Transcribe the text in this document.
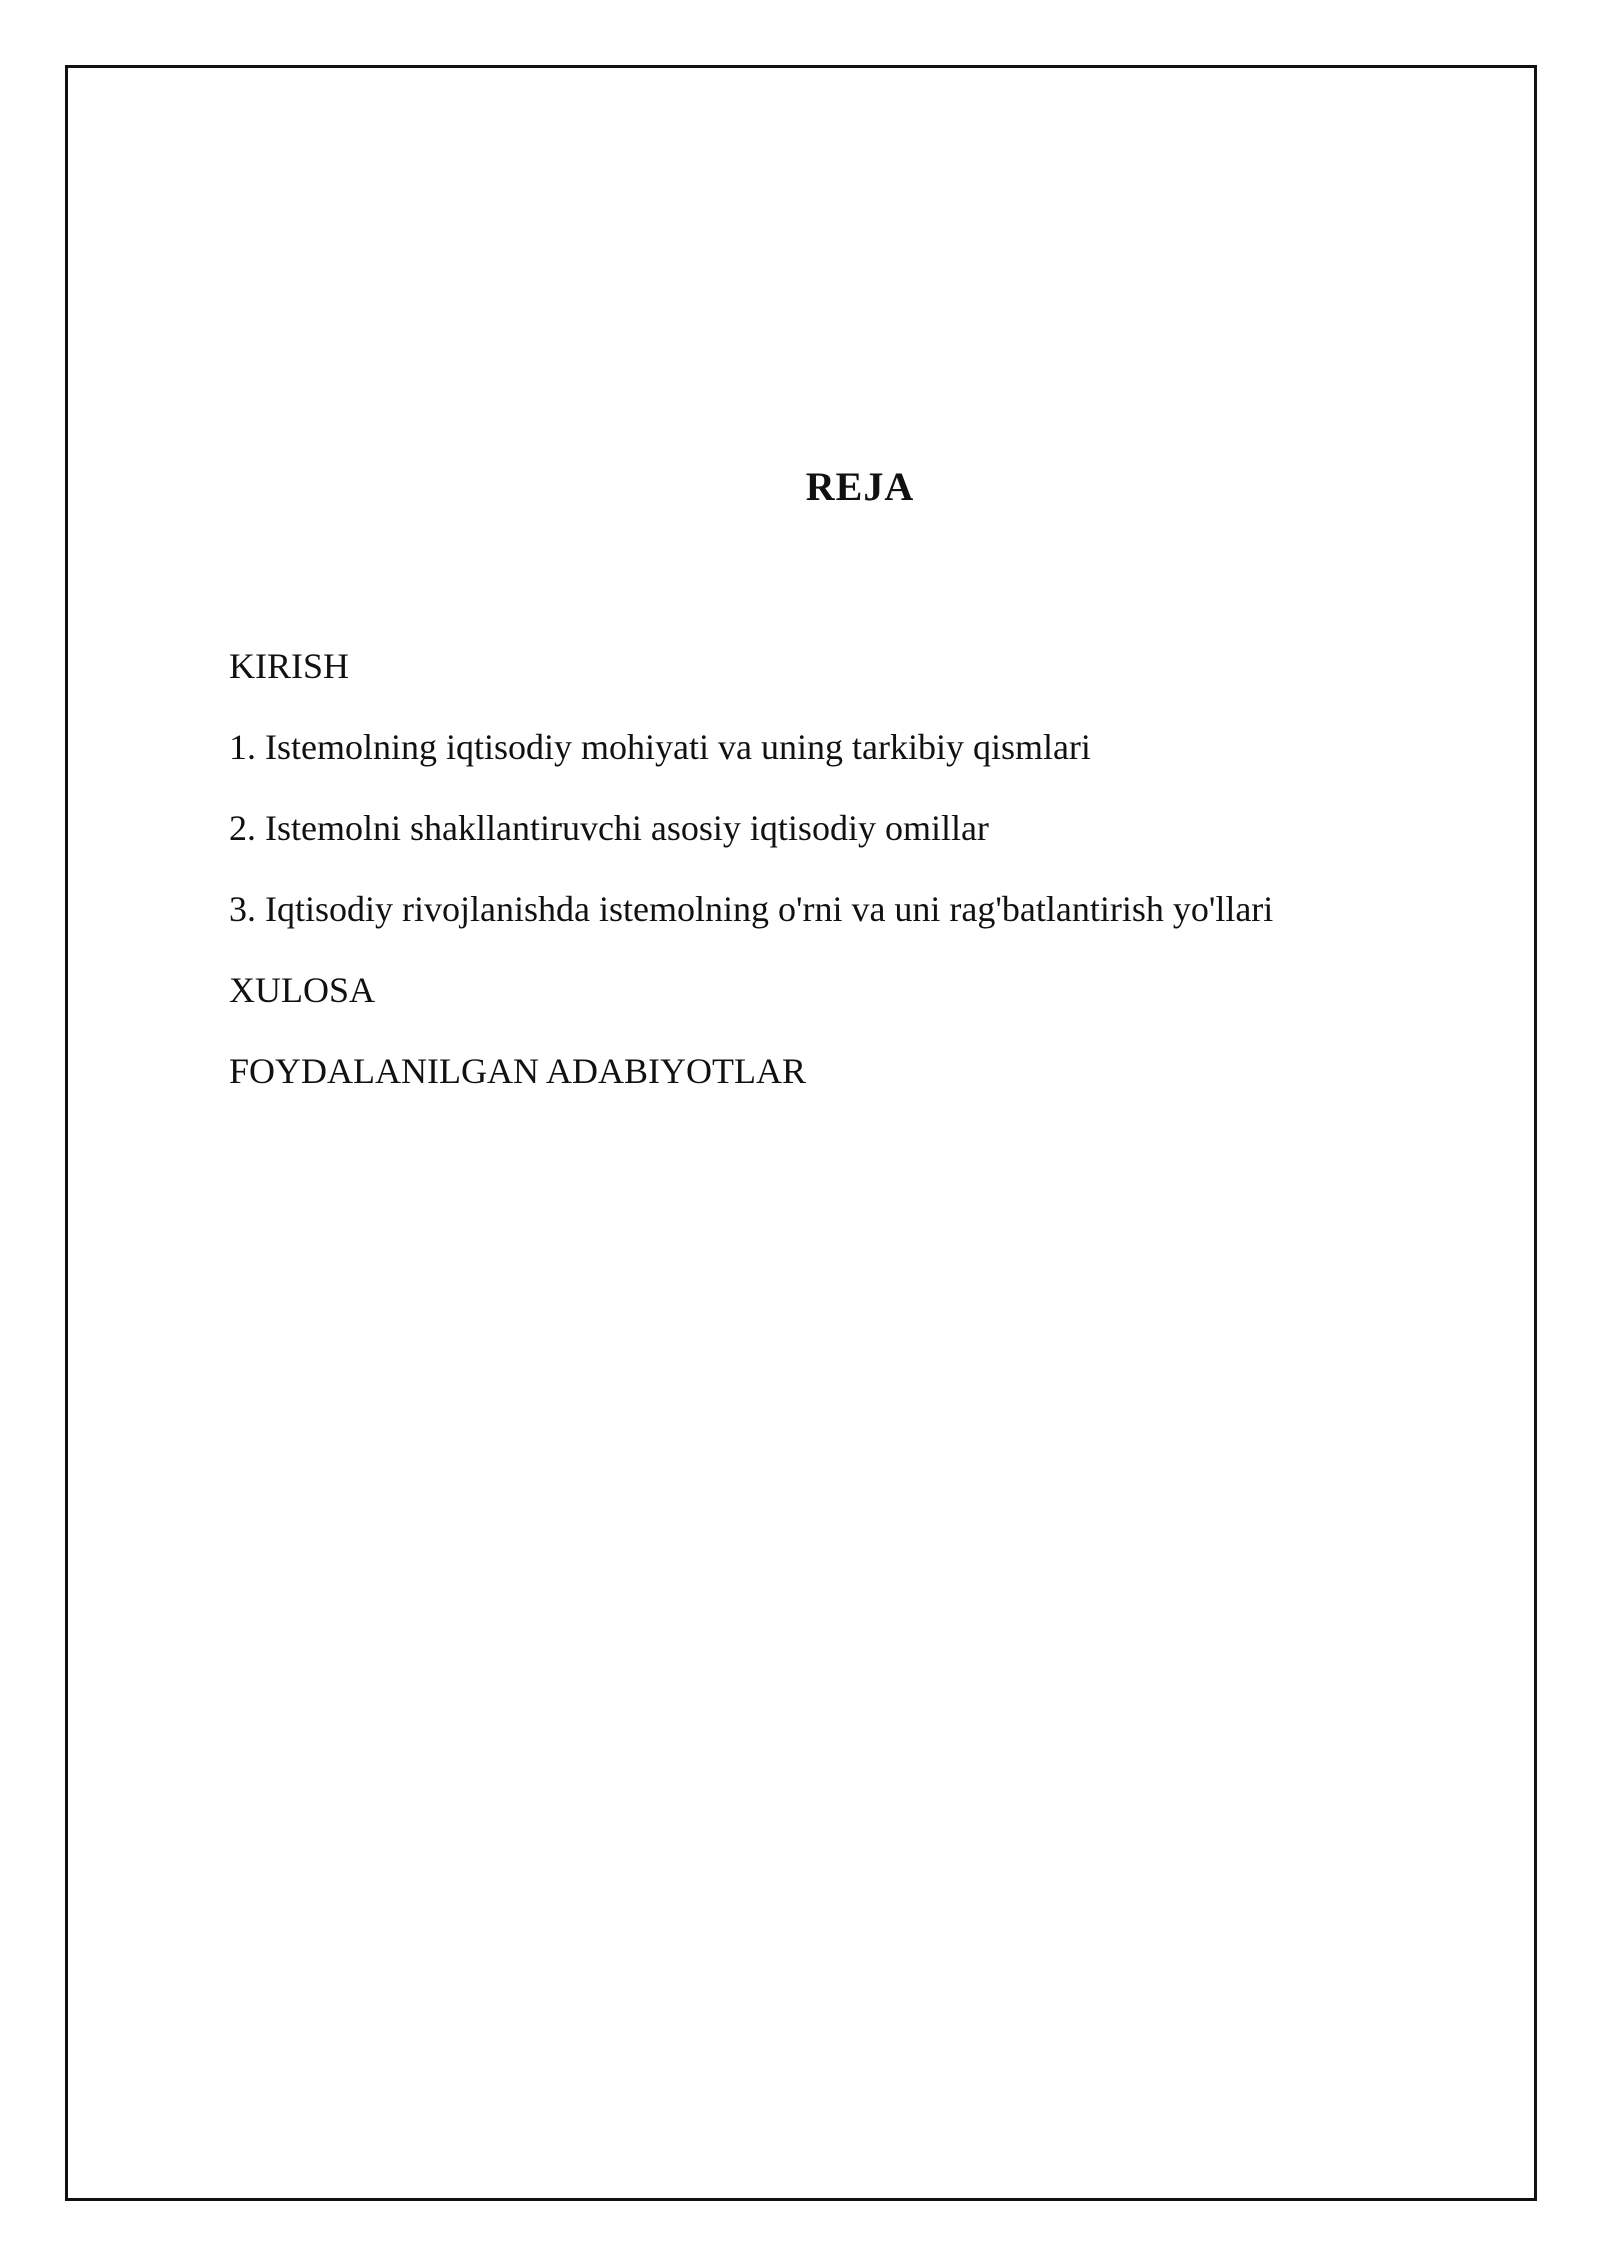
REJA
KIRISH
1. Istemolning iqtisodiy mohiyati va uning tarkibiy qismlari
2. Istemolni shakllantiruvchi asosiy iqtisodiy omillar
3. Iqtisodiy rivojlanishda istemolning o'rni va uni rag'batlantirish yo'llari
XULOSA
FOYDALANILGAN ADABIYOTLAR
